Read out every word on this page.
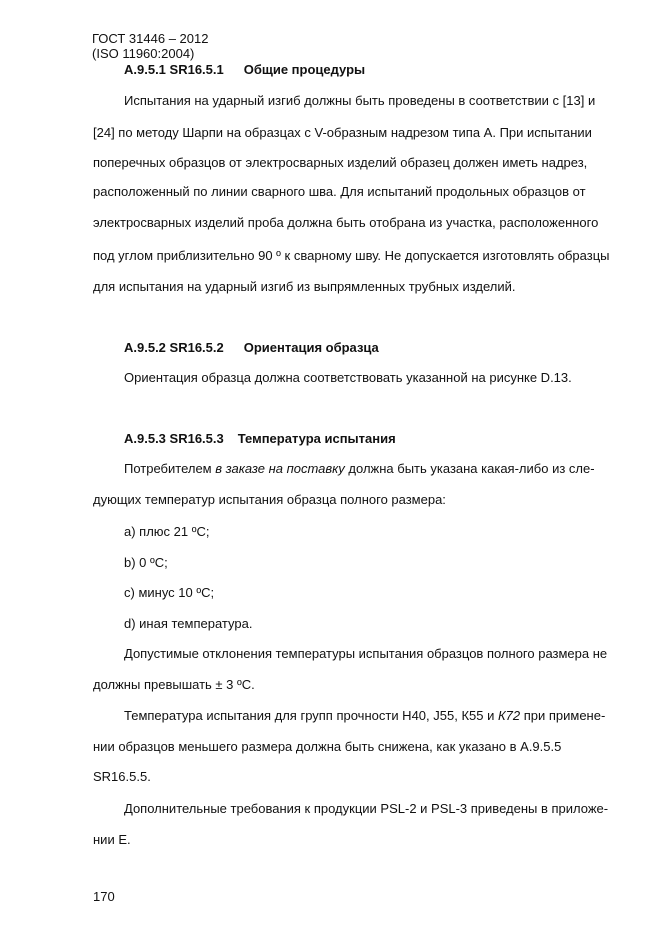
ГОСТ 31446 – 2012
(ISO 11960:2004)
А.9.5.1 SR16.5.1 Общие процедуры
Испытания на ударный изгиб должны быть проведены в соответствии с [13] и
[24] по методу Шарпи на образцах с V-образным надрезом типа А. При испытании
поперечных образцов от электросварных изделий образец должен иметь надрез,
расположенный по линии сварного шва. Для испытаний продольных образцов от
электросварных изделий проба должна быть отобрана из участка, расположенного
под углом приблизительно 90 º к сварному шву. Не допускается изготовлять образцы
для испытания на ударный изгиб из выпрямленных трубных изделий.
А.9.5.2 SR16.5.2 Ориентация образца
Ориентация образца должна соответствовать указанной на рисунке D.13.
А.9.5.3 SR16.5.3 Температура испытания
Потребителем в заказе на поставку должна быть указана какая-либо из сле-
дующих температур испытания образца полного размера:
а) плюс 21 ºС;
b) 0 ºС;
с) минус 10 ºС;
d) иная температура.
Допустимые отклонения температуры испытания образцов полного размера не
должны превышать ± 3 ºС.
Температура испытания для групп прочности Н40, J55, К55 и К72 при примене-
нии образцов меньшего размера должна быть снижена, как указано в А.9.5.5
SR16.5.5.
Дополнительные требования к продукции PSL-2 и PSL-3 приведены в приложе-
нии Е.
170
